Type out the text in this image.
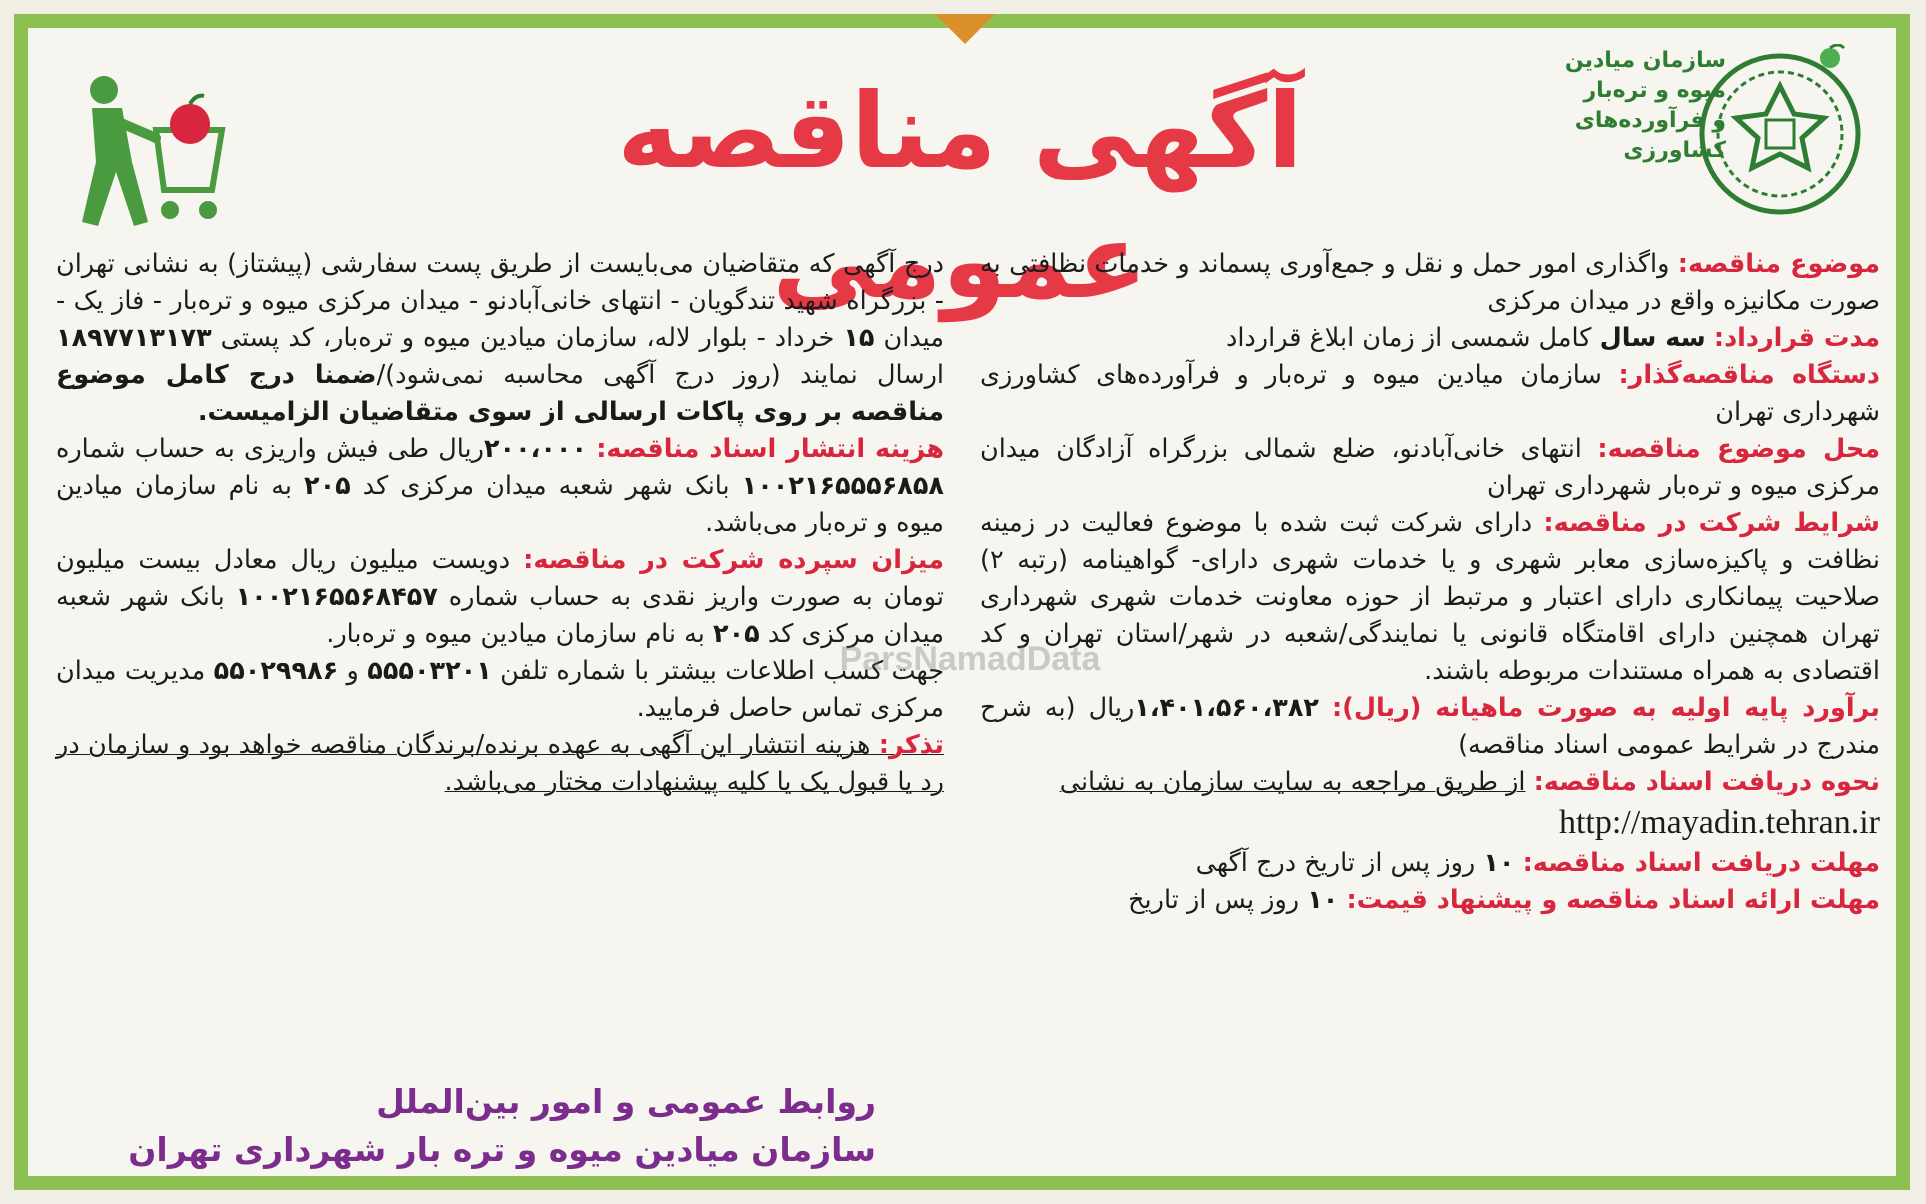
سازمان میادین
میوه و تره‌بار
و فرآورده‌های
کشاورزی
آگهی مناقصه عمومی	موضوع مناقصه: واگذاری امور حمل و نقل و جمع‌آوری پسماند و خدمات نظافتی به صورت مکانیزه واقع در میدان مرکزی

مدت قرارداد: سه سال کامل شمسی از زمان ابلاغ قرارداد

دستگاه مناقصه‌گذار: سازمان میادین میوه و تره‌بار و فرآورده‌های کشاورزی شهرداری تهران

محل موضوع مناقصه: انتهای خانی‌آبادنو، ضلع شمالی بزرگراه آزادگان میدان مرکزی میوه و تره‌بار شهرداری تهران

شرایط شرکت در مناقصه: دارای شرکت ثبت شده با موضوع فعالیت در زمینه نظافت و پاکیزه‌سازی معابر شهری و یا خدمات شهری دارای- گواهینامه (رتبه ۲) صلاحیت پیمانکاری دارای اعتبار و مرتبط از حوزه معاونت خدمات شهری شهرداری تهران همچنین دارای اقامتگاه قانونی یا نمایندگی/شعبه در شهر/استان تهران و کد اقتصادی به همراه مستندات مربوطه باشند.

برآورد پایه اولیه به صورت ماهیانه (ریال): ۱،۴۰۱،۵۶۰،۳۸۲ریال (به شرح مندرج در شرایط عمومی اسناد مناقصه)

نحوه دریافت اسناد مناقصه: از طریق مراجعه به سایت سازمان به نشانی

http://mayadin.tehran.ir

مهلت دریافت اسناد مناقصه: ۱۰ روز پس از تاریخ درج آگهی

مهلت ارائه اسناد مناقصه و پیشنهاد قیمت: ۱۰ روز پس از تاریخ

درج آگهی که متقاضیان می‌بایست از طریق پست سفارشی (پیشتاز) به نشانی تهران - بزرگراه شهید تندگویان - انتهای خانی‌آبادنو - میدان مرکزی میوه و تره‌بار - فاز یک - میدان ۱۵ خرداد - بلوار لاله، سازمان میادین میوه و تره‌بار، کد پستی ۱۸۹۷۷۱۳۱۷۳ ارسال نمایند (روز درج آگهی محاسبه نمی‌شود)/ضمنا درج کامل موضوع مناقصه بر روی پاکات ارسالی از سوی متقاضیان الزامیست.

هزینه انتشار اسناد مناقصه: ۲۰۰،۰۰۰ریال طی فیش واریزی به حساب شماره ۱۰۰۲۱۶۵۵۵۶۸۵۸ بانک شهر شعبه میدان مرکزی کد ۲۰۵ به نام سازمان میادین میوه و تره‌بار می‌باشد.

میزان سپرده شرکت در مناقصه: دویست میلیون ریال معادل بیست میلیون تومان به صورت واریز نقدی به حساب شماره ۱۰۰۲۱۶۵۵۶۸۴۵۷ بانک شهر شعبه میدان مرکزی کد ۲۰۵ به نام سازمان میادین میوه و تره‌بار.

جهت کسب اطلاعات بیشتر با شماره تلفن ۵۵۵۰۳۲۰۱ و ۵۵۰۲۹۹۸۶ مدیریت میدان مرکزی تماس حاصل فرمایید.

تذکر: هزینه انتشار این آگهی به عهده برنده/برندگان مناقصه خواهد بود و سازمان در رد یا قبول یک یا کلیه پیشنهادات مختار می‌باشد.

روابط عمومی و امور بین‌الملل
سازمان میادین میوه و تره بار شهرداری تهران
ParsNamadData
